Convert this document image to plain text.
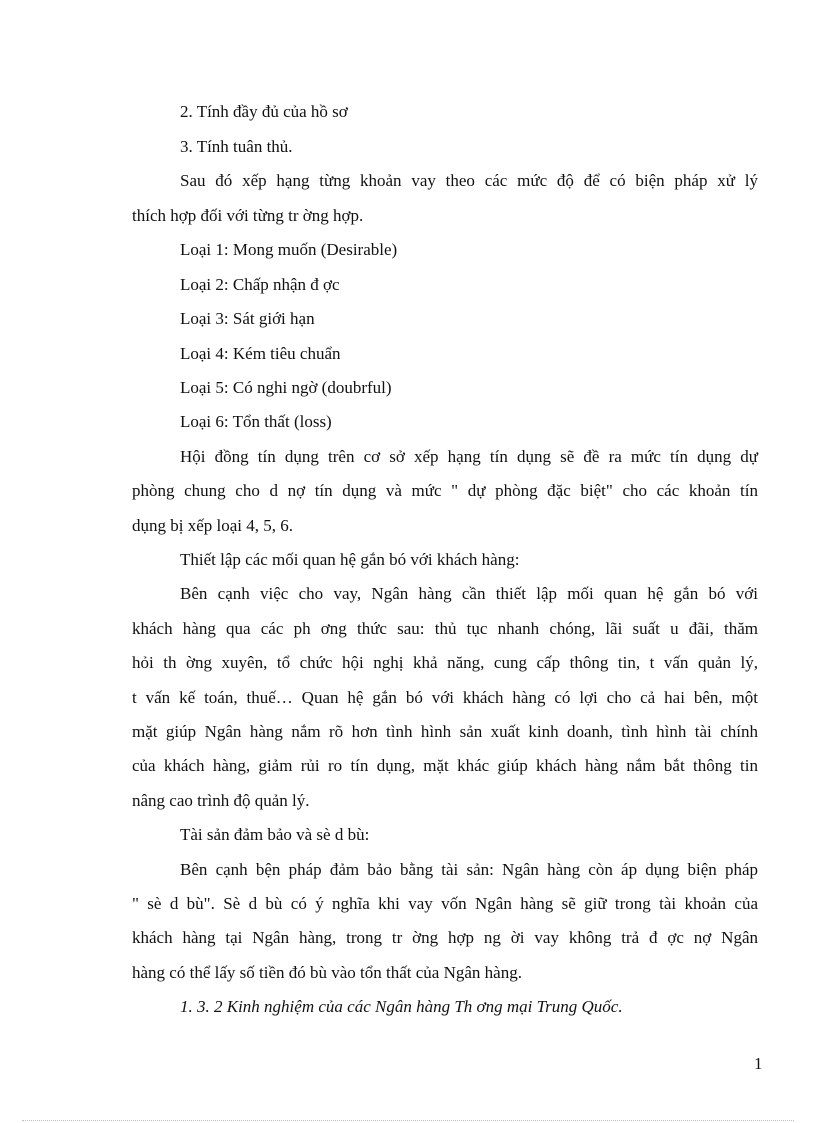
2. Tính đầy đủ của hồ sơ

3. Tính tuân thủ.

Sau đó xếp hạng từng khoản vay theo các mức độ để có biện pháp xử lý

thích hợp đối với từng tr ờng hợp.

Loại 1: Mong muốn (Desirable)

Loại 2: Chấp nhận đ ợc

Loại 3: Sát giới hạn

Loại 4: Kém tiêu chuẩn

Loại 5: Có nghi ngờ (doubrful)

Loại 6: Tổn thất (loss)

Hội đồng tín dụng trên cơ sở xếp hạng tín dụng sẽ đề ra mức tín dụng dự

phòng chung cho d nợ tín dụng và mức " dự phòng đặc biệt" cho các khoản tín

dụng bị xếp loại 4, 5, 6.

Thiết lập các mối quan hệ gắn bó với khách hàng:

Bên cạnh việc cho vay, Ngân hàng cần thiết lập mối quan hệ gắn bó với

khách hàng qua các ph ơng thức sau: thủ tục nhanh chóng, lãi suất u đãi, thăm

hỏi th ờng xuyên, tổ chức hội nghị khả năng, cung cấp thông tin, t vấn quản lý,

t vấn kế toán, thuế… Quan hệ gắn bó với khách hàng có lợi cho cả hai bên, một

mặt giúp Ngân hàng nắm rõ hơn tình hình sản xuất kinh doanh, tình hình tài chính

của khách hàng, giảm rủi ro tín dụng, mặt khác giúp khách hàng nắm bắt thông tin

nâng cao trình độ quản lý.

Tài sản đảm bảo và sè d bù:

Bên cạnh bện pháp đảm bảo bằng tài sản: Ngân hàng còn áp dụng biện pháp

" sè d bù". Sè d bù có ý nghĩa khi vay vốn Ngân hàng sẽ giữ trong tài khoản của

khách hàng tại Ngân hàng, trong tr ờng hợp ng ời vay không trả đ ợc nợ Ngân

hàng có thể lấy số tiền đó bù vào tổn thất của Ngân hàng.

1. 3. 2 Kinh nghiệm của các Ngân hàng Th ơng mại Trung Quốc.

1
